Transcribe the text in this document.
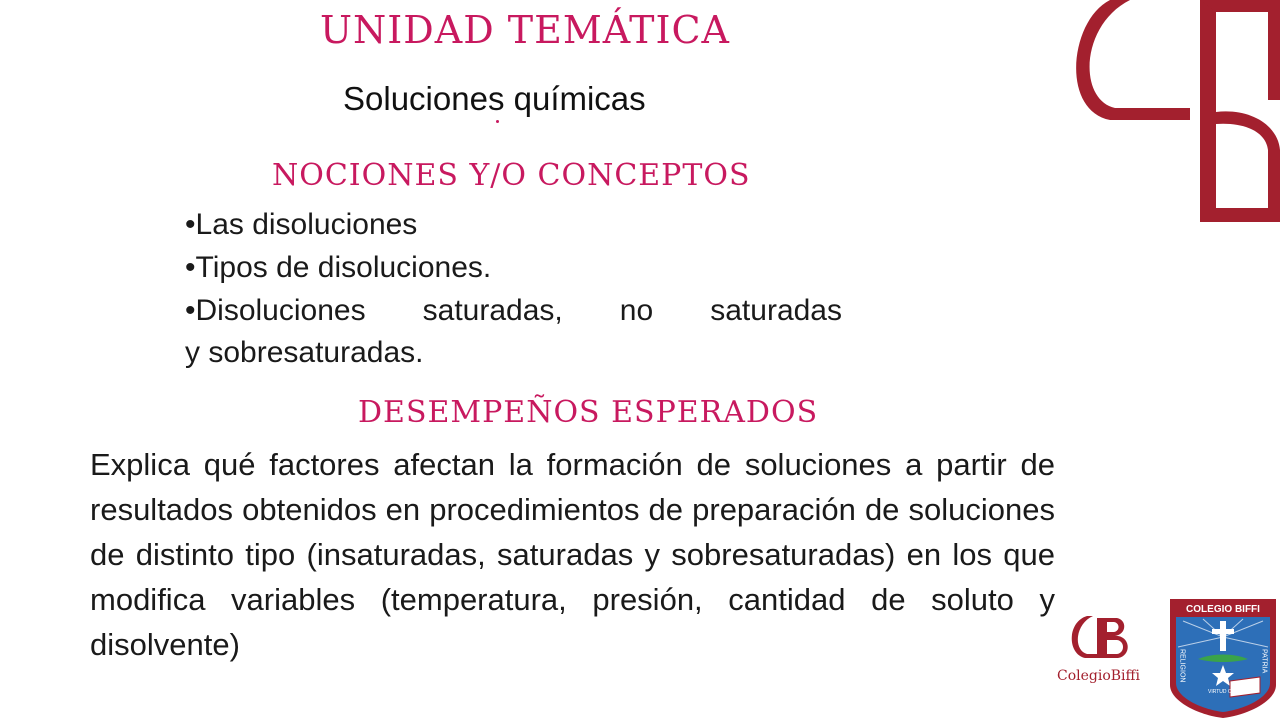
UNIDAD TEMÁTICA
Soluciones químicas
NOCIONES Y/O CONCEPTOS
•Las disoluciones
•Tipos de disoluciones.
•Disoluciones saturadas, no saturadas
y sobresaturadas.
DESEMPEÑOS ESPERADOS

Explica qué factores afectan la formación de soluciones a partir de resultados obtenidos en procedimientos de preparación de soluciones de distinto tipo (insaturadas, saturadas y sobresaturadas) en los que modifica variables (temperatura, presión, cantidad de soluto y disolvente)

ColegioBiffi
COLEGIO BIFFI
RELIGION	PATRIA
VIRTUD CIENCIA
